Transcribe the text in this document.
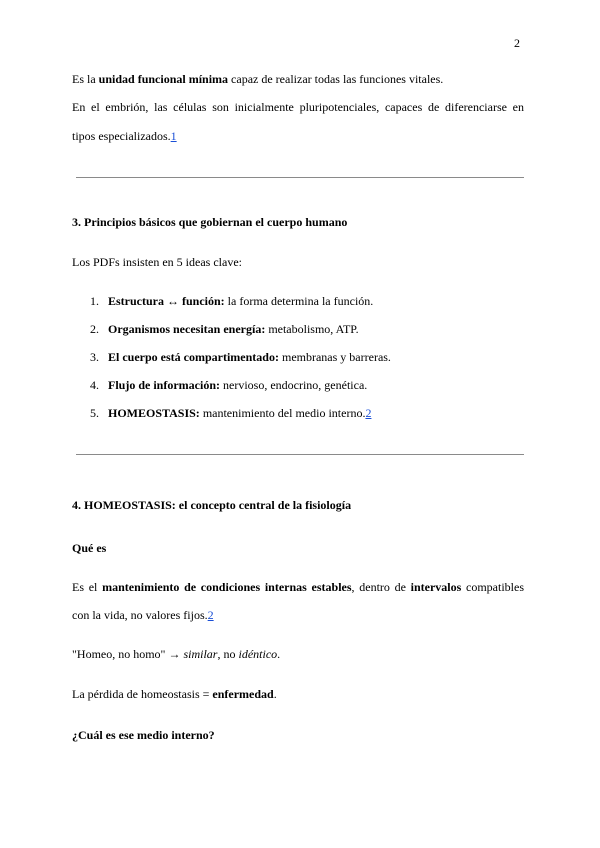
2
Es la unidad funcional mínima capaz de realizar todas las funciones vitales.
En el embrión, las células son inicialmente pluripotenciales, capaces de diferenciarse en
tipos especializados.1
3. Principios básicos que gobiernan el cuerpo humano
Los PDFs insisten en 5 ideas clave:
1. Estructura ↔ función: la forma determina la función.
2. Organismos necesitan energía: metabolismo, ATP.
3. El cuerpo está compartimentado: membranas y barreras.
4. Flujo de información: nervioso, endocrino, genética.
5. HOMEOSTASIS: mantenimiento del medio interno.2
4. HOMEOSTASIS: el concepto central de la fisiología
Qué es
Es el mantenimiento de condiciones internas estables, dentro de intervalos compatibles
con la vida, no valores fijos.2
"Homeo, no homo" → similar, no idéntico.
La pérdida de homeostasis = enfermedad.
¿Cuál es ese medio interno?
